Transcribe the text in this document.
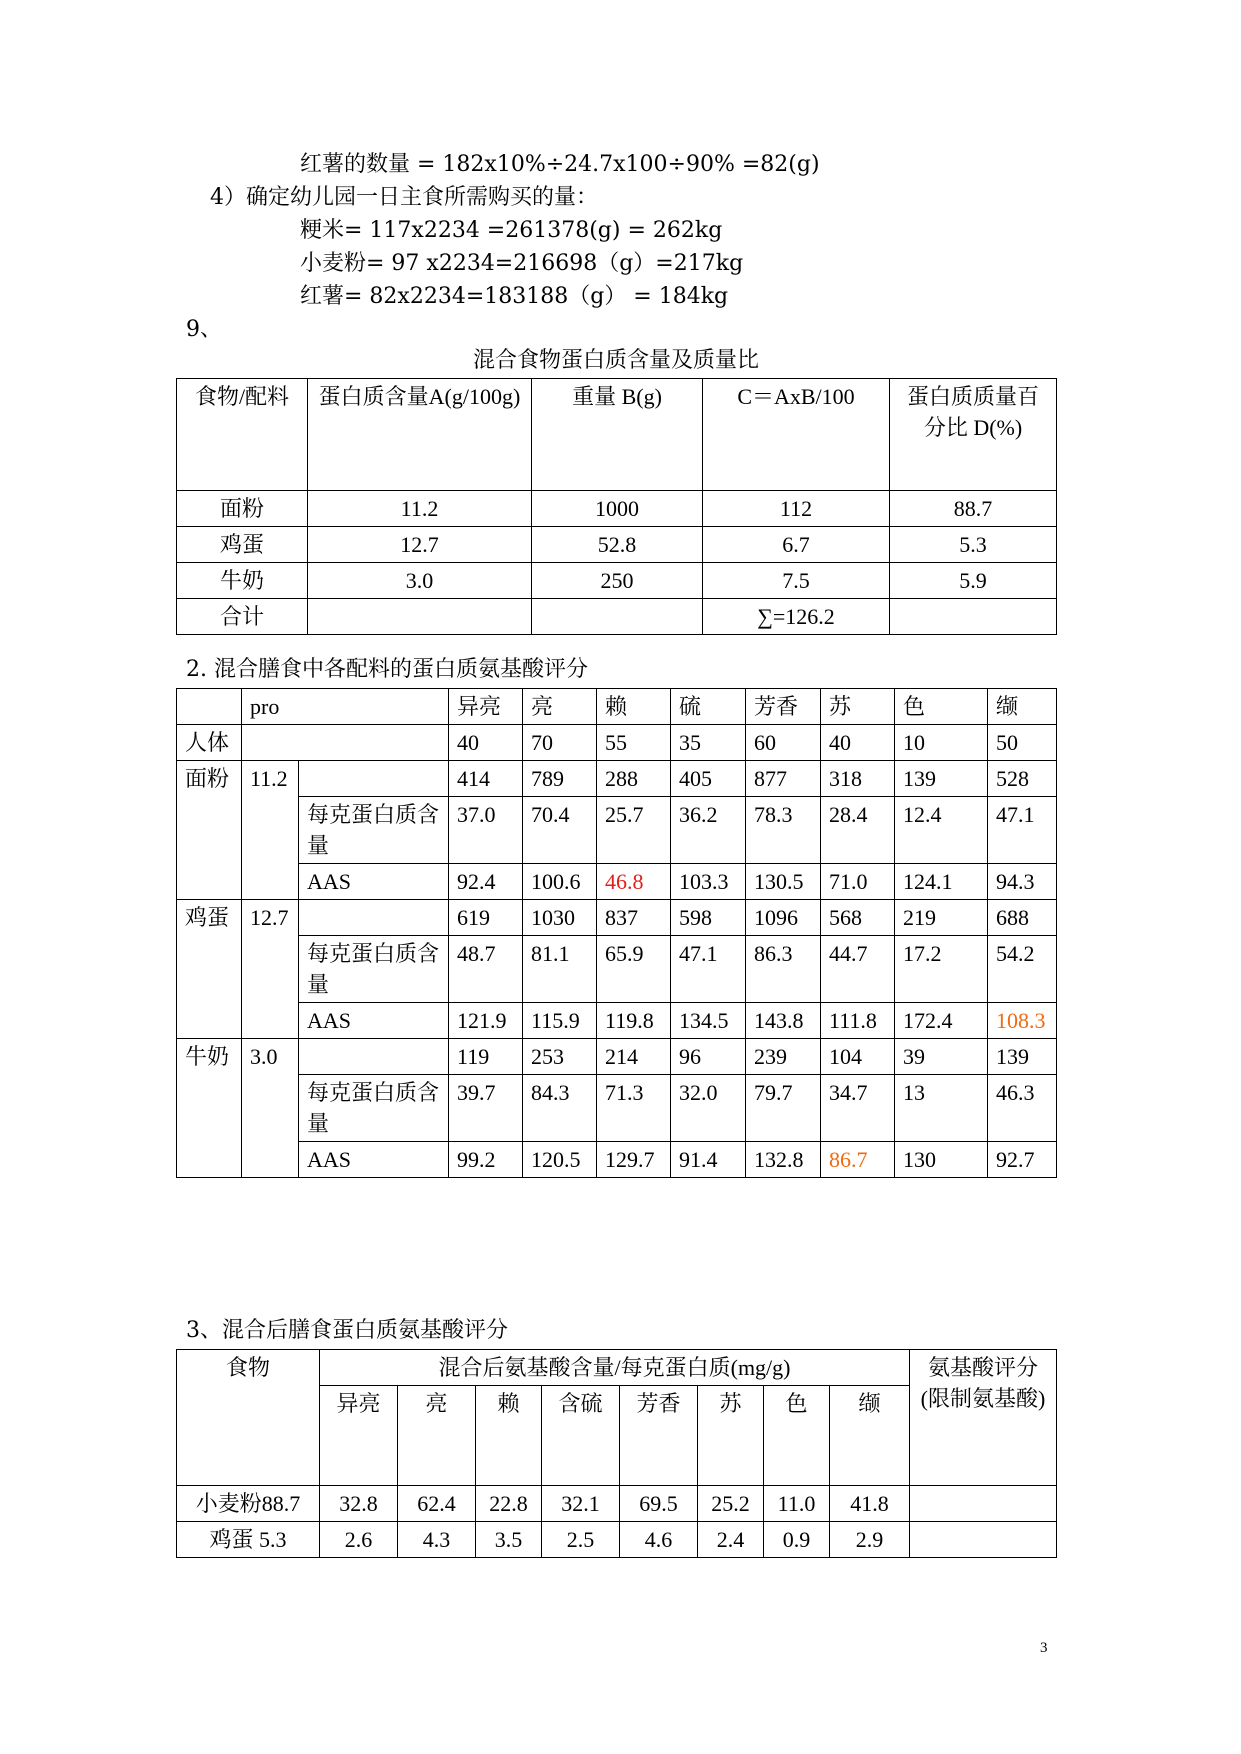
红薯的数量 = 182x10%÷24.7x100÷90% =82(g)
4）确定幼儿园一日主食所需购买的量：
粳米= 117x2234 =261378(g) = 262kg
小麦粉= 97 x2234=216698（g）=217kg
红薯= 82x2234=183188（g） = 184kg
9、
混合食物蛋白质含量及质量比
食物/配料	蛋白质含量A(g/100g)	重量 B(g)	C＝AxB/100	蛋白质质量百分比 D(%)
面粉	11.2	1000	112	88.7
鸡蛋	12.7	52.8	6.7	5.3
牛奶	3.0	250	7.5	5.9
合计			∑=126.2	
2. 混合膳食中各配料的蛋白质氨基酸评分
	pro		异亮	亮	赖	硫	芳香	苏	色	缬
人体			40	70	55	35	60	40	10	50
面粉	11.2		414	789	288	405	877	318	139	528
		每克蛋白质含量	37.0	70.4	25.7	36.2	78.3	28.4	12.4	47.1
		AAS	92.4	100.6	46.8	103.3	130.5	71.0	124.1	94.3
鸡蛋	12.7		619	1030	837	598	1096	568	219	688
		每克蛋白质含量	48.7	81.1	65.9	47.1	86.3	44.7	17.2	54.2
		AAS	121.9	115.9	119.8	134.5	143.8	111.8	172.4	108.3
牛奶	3.0		119	253	214	96	239	104	39	139
		每克蛋白质含量	39.7	84.3	71.3	32.0	79.7	34.7	13	46.3
		AAS	99.2	120.5	129.7	91.4	132.8	86.7	130	92.7
3、混合后膳食蛋白质氨基酸评分
食物	混合后氨基酸含量/每克蛋白质(mg/g)								氨基酸评分(限制氨基酸)
	异亮	亮	赖	含硫	芳香	苏	色	缬	
小麦粉88.7	32.8	62.4	22.8	32.1	69.5	25.2	11.0	41.8	
鸡蛋 5.3	2.6	4.3	3.5	2.5	4.6	2.4	0.9	2.9	
3
